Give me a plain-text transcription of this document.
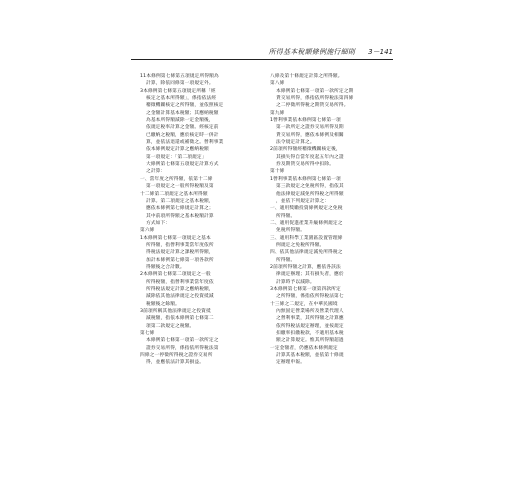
所得基本稅額條例施行細則 3－141
11本條例第七條第五項規定所得額為
計算，除依同條第一項規定外。
3本條例第七條第五項規定所稱「經
核定之基本所得額」，係指依法經
稽徵機關核定之所得額，並依照核定
之金額計算基本稅額；其應納稅額
為基本所得額減除一定金額後，
依規定稅率計算之金額。經核定前
已繳納之稅額，應於核定時一併計
算，並依法退還或補徵之。營利事業
依本條例規定計算之應納稅額
第一項規定：「第二項規定」
大條例第七條第五項規定計算方式
之計算：
一、當年度之所得額，依第十二條
第一項規定之一般所得稅額及第
十二條第二項規定之基本所得額
計算。第二項規定之基本稅額，
應依本條例第七條規定計算之；
其中前項所得額之基本稅額計算
方式如下：
第六條
1本條例第七條第一項規定之基本
所得額，指營利事業當年度依所
得稅法規定計算之課稅所得額，
加計本條例第七條第一項各款所
得額後之合計數。
2本條例第七條第二項規定之一般
所得稅額，指營利事業當年度依
所得稅法規定計算之應納稅額，
減除依其他法律規定之投資抵減
稅額後之餘額。
3前項所稱其他法律規定之投資抵
減稅額，指依本條例第七條第二
項第二款規定之稅額。
第七條
本條例第七條第一項第一款所定之
證券交易所得，係指依所得稅法第
四條之一停徵所得稅之證券交易所
得，並應依法計算其損益。
八條及第十條規定計算之所得額。
第八條
本條例第七條第一項第一款所定之期
貨交易所得，係指依所得稅法第四條
之二停徵所得稅之期貨交易所得。
第九條
1營利事業依本條例第七條第一項
第一款所定之證券交易所得及期
貨交易所得，應依本條例及相關
法令規定計算之。
2前項所得額經稽徵機關核定後，
其損失得自當年度起五年內之證
券及期貨交易所得中扣除。
第十條
1營利事業依本條例第七條第一項
第三款規定之免稅所得，指依其
他法律規定減免所得稅之所得額
，並依下列規定計算之：
一、適用獎勵投資條例規定之免稅
所得額。
二、適用促進產業升級條例規定之
免稅所得額。
三、適用科學工業園區設置管理條
例規定之免稅所得額。
四、依其他法律規定減免所得稅之
所得額。
2前項所得額之計算，應依各該法
律規定辦理；其有損失者，應於
計算時予以減除。
3本條例第七條第一項第四款所定
之所得額，係指依所得稅法第七
十三條之二規定，在中華民國境
內無固定營業場所及營業代理人
之營利事業，其所得額之計算應
依所得稅法規定辦理，並按規定
扣繳率扣繳稅款，不適用基本稅
額之計算規定。惟其所得額超過
一定金額者，仍應依本條例規定
計算其基本稅額，並依第十條規
定辦理申報。
